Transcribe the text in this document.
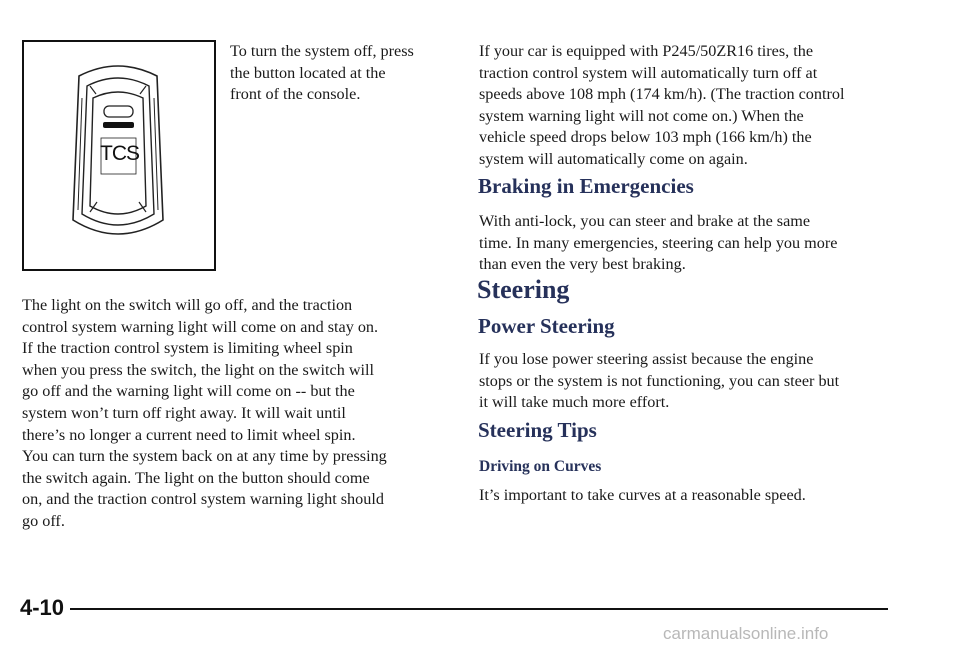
TCS

To turn the system off, press
the button located at the
front of the console.

The light on the switch will go off, and the traction
control system warning light will come on and stay on.
If the traction control system is limiting wheel spin
when you press the switch, the light on the switch will
go off and the warning light will come on -- but the
system won’t turn off right away. It will wait until
there’s no longer a current need to limit wheel spin.

You can turn the system back on at any time by pressing
the switch again. The light on the button should come
on, and the traction control system warning light should
go off.

If your car is equipped with P245/50ZR16 tires, the
traction control system will automatically turn off at
speeds above 108 mph (174 km/h). (The traction control
system warning light will not come on.) When the
vehicle speed drops below 103 mph (166 km/h) the
system will automatically come on again.

Braking in Emergencies

With anti-lock, you can steer and brake at the same
time. In many emergencies, steering can help you more
than even the very best braking.

Steering
Power Steering

If you lose power steering assist because the engine
stops or the system is not functioning, you can steer but
it will take much more effort.

Steering Tips
Driving on Curves

It’s important to take curves at a reasonable speed.

4-10

carmanualsonline.info
